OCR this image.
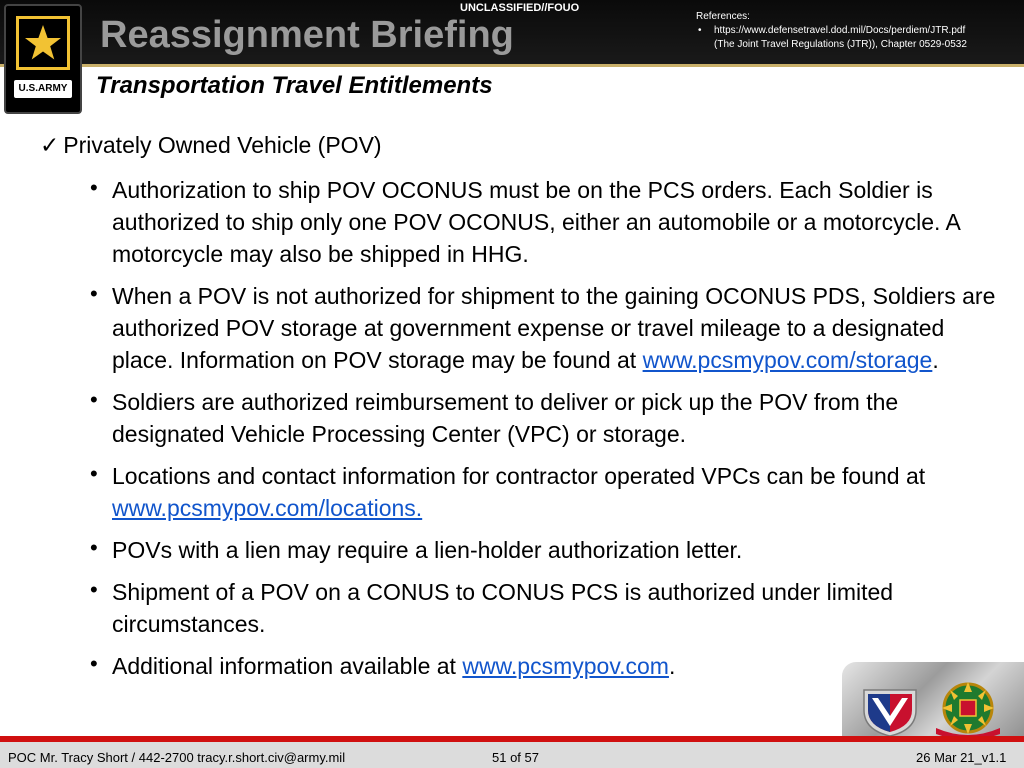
U.S.ARMY
UNCLASSIFIED//FOUO
Reassignment Briefing	References:
• https://www.defensetravel.dod.mil/Docs/perdiem/JTR.pdf
(The Joint Travel Regulations (JTR)), Chapter 0529-0532
Transportation Travel Entitlements
✓ Privately Owned Vehicle (POV)
• Authorization to ship POV OCONUS must be on the PCS orders. Each Soldier is authorized to ship only one POV OCONUS, either an automobile or a motorcycle. A motorcycle may also be shipped in HHG.
• When a POV is not authorized for shipment to the gaining OCONUS PDS, Soldiers are authorized POV storage at government expense or travel mileage to a designated place. Information on POV storage may be found at www.pcsmypov.com/storage.
• Soldiers are authorized reimbursement to deliver or pick up the POV from the designated Vehicle Processing Center (VPC) or storage.
• Locations and contact information for contractor operated VPCs can be found at www.pcsmypov.com/locations.
• POVs with a lien may require a lien-holder authorization letter.
• Shipment of a POV on a CONUS to CONUS PCS is authorized under limited circumstances.
• Additional information available at www.pcsmypov.com.
POC Mr. Tracy Short / 442-2700 tracy.r.short.civ@army.mil	51 of 57	26 Mar 21_v1.1
